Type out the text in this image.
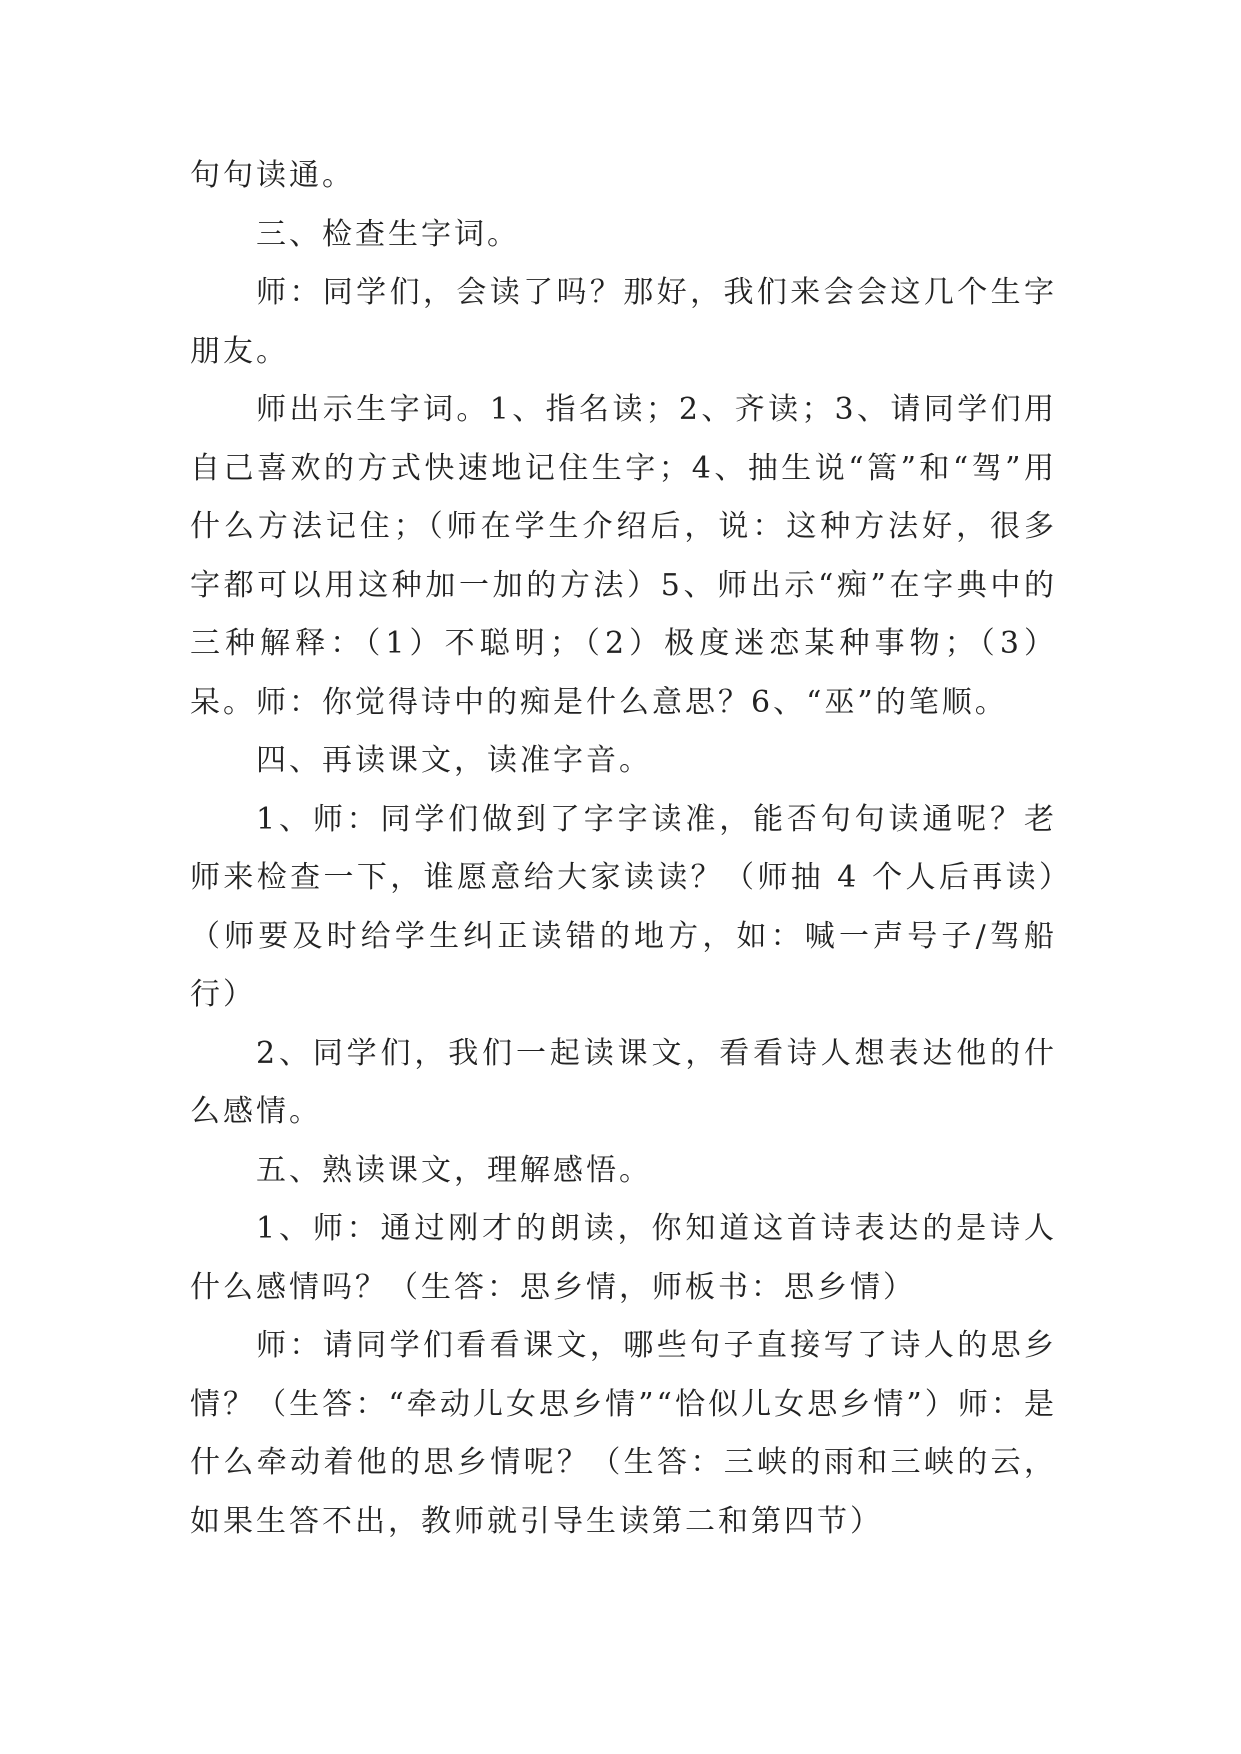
句句读通。

三、检查生字词。

师：同学们，会读了吗？那好，我们来会会这几个生字朋友。

师出示生字词。1、指名读；2、齐读；3、请同学们用自己喜欢的方式快速地记住生字；4、抽生说“篙”和“驾”用什么方法记住；（师在学生介绍后，说：这种方法好，很多字都可以用这种加一加的方法）5、师出示“痴”在字典中的三种解释：（1）不聪明；（2）极度迷恋某种事物；（3）呆。师：你觉得诗中的痴是什么意思？6、“巫”的笔顺。

四、再读课文，读准字音。

1、师：同学们做到了字字读准，能否句句读通呢？老师来检查一下，谁愿意给大家读读？（师抽 4 个人后再读）（师要及时给学生纠正读错的地方，如：喊一声号子/驾船行）

2、同学们，我们一起读课文，看看诗人想表达他的什么感情。

五、熟读课文，理解感悟。

1、师：通过刚才的朗读，你知道这首诗表达的是诗人什么感情吗？（生答：思乡情，师板书：思乡情）

师：请同学们看看课文，哪些句子直接写了诗人的思乡情？（生答：“牵动儿女思乡情”“恰似儿女思乡情”）师：是什么牵动着他的思乡情呢？（生答：三峡的雨和三峡的云，如果生答不出，教师就引导生读第二和第四节）
